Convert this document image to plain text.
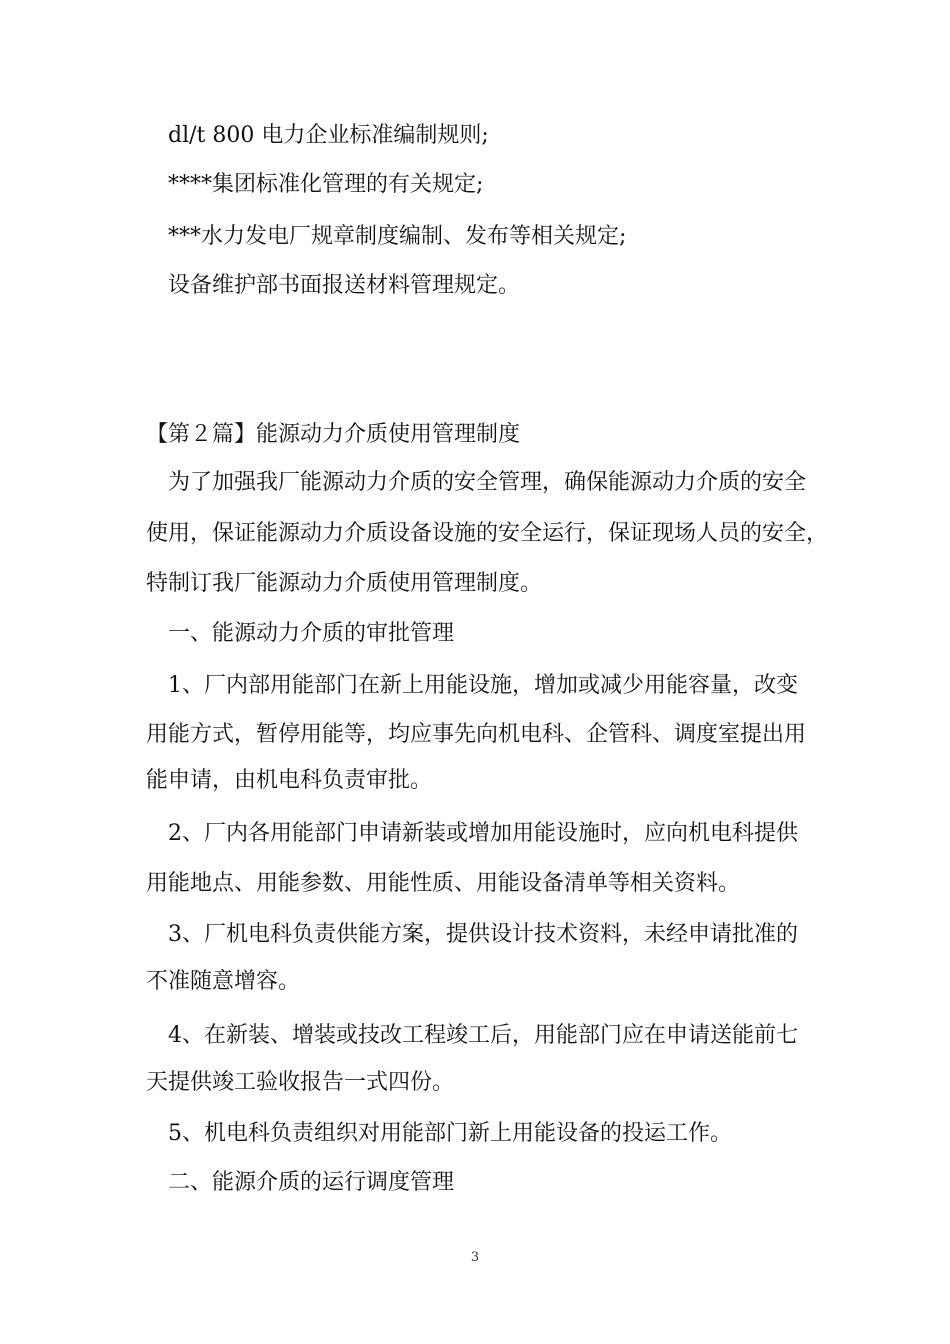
dl/t 800 电力企业标准编制规则;

****集团标准化管理的有关规定;

***水力发电厂规章制度编制、发布等相关规定;

设备维护部书面报送材料管理规定。

【第２篇】能源动力介质使用管理制度

为了加强我厂能源动力介质的安全管理，确保能源动力介质的安全

使用，保证能源动力介质设备设施的安全运行，保证现场人员的安全，

特制订我厂能源动力介质使用管理制度。

一、能源动力介质的审批管理

1、厂内部用能部门在新上用能设施，增加或减少用能容量，改变

用能方式，暂停用能等，均应事先向机电科、企管科、调度室提出用

能申请，由机电科负责审批。

2、厂内各用能部门申请新装或增加用能设施时，应向机电科提供

用能地点、用能参数、用能性质、用能设备清单等相关资料。

3、厂机电科负责供能方案，提供设计技术资料，未经申请批准的

不准随意增容。

4、在新装、增装或技改工程竣工后，用能部门应在申请送能前七

天提供竣工验收报告一式四份。

5、机电科负责组织对用能部门新上用能设备的投运工作。

二、能源介质的运行调度管理

3
